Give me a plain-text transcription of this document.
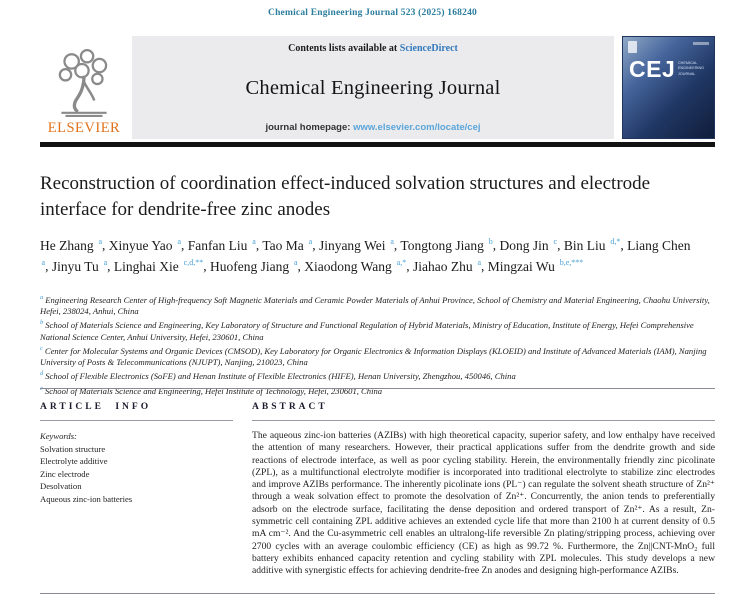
Chemical Engineering Journal 523 (2025) 168240
ELSEVIER
Contents lists available at ScienceDirect
Chemical Engineering Journal
journal homepage: www.elsevier.com/locate/cej
CEJ CHEMICAL
ENGINEERING
JOURNAL
Reconstruction of coordination effect-induced solvation structures and electrode interface for dendrite-free zinc anodes
He Zhang $^a$, Xinyue Yao $^a$, Fanfan Liu $^a$, Tao Ma $^a$, Jinyang Wei $^a$, Tongtong Jiang $^b$, Dong Jin $^c$, Bin Liu $^{d,*}$, Liang Chen $^a$, Jinyu Tu $^a$, Linghai Xie $^{c,d,**}$, Huofeng Jiang $^a$, Xiaodong Wang $^{a,*}$, Jiahao Zhu $^a$, Mingzai Wu $^{b,e,***}$
$^a$ Engineering Research Center of High-frequency Soft Magnetic Materials and Ceramic Powder Materials of Anhui Province, School of Chemistry and Material Engineering, Chaohu University, Hefei, 238024, Anhui, China
$^b$ School of Materials Science and Engineering, Key Laboratory of Structure and Functional Regulation of Hybrid Materials, Ministry of Education, Institute of Energy, Hefei Comprehensive National Science Center, Anhui University, Hefei, 230601, China
$^c$ Center for Molecular Systems and Organic Devices (CMSOD), Key Laboratory for Organic Electronics & Information Displays (KLOEID) and Institute of Advanced Materials (IAM), Nanjing University of Posts & Telecommunications (NJUPT), Nanjing, 210023, China
$^d$ School of Flexible Electronics (SoFE) and Henan Institute of Flexible Electronics (HIFE), Henan University, Zhengzhou, 450046, China
$^e$ School of Materials Science and Engineering, Hefei Institute of Technology, Hefei, 230601, China
ARTICLE INFO
Keywords:
Solvation structure
Electrolyte additive
Zinc electrode
Desolvation
Aqueous zinc-ion batteries
ABSTRACT

The aqueous zinc-ion batteries (AZIBs) with high theoretical capacity, superior safety, and low enthalpy have received the attention of many researchers. However, their practical applications suffer from the dendrite growth and side reactions of electrode interface, as well as poor cycling stability. Herein, the environmentally friendly zinc picolinate (ZPL), as a multifunctional electrolyte modifier is incorporated into traditional electrolyte to stabilize zinc electrodes and improve AZIBs performance. The inherently picolinate ions (PL⁻) can regulate the solvent sheath structure of Zn²⁺ through a weak solvation effect to promote the desolvation of Zn²⁺. Concurrently, the anion tends to preferentially adsorb on the electrode surface, facilitating the dense deposition and ordered transport of Zn²⁺. As a result, Zn-symmetric cell containing ZPL additive achieves an extended cycle life that more than 2100 h at current density of 0.5 mA cm⁻². And the Cu-asymmetric cell enables an ultralong-life reversible Zn plating/stripping process, achieving over 2700 cycles with an average coulombic efficiency (CE) as high as 99.72 %. Furthermore, the Zn||CNT-MnO₂ full battery exhibits enhanced capacity retention and cycling stability with ZPL molecules. This study develops a new additive with synergistic effects for achieving dendrite-free Zn anodes and designing high-performance AZIBs.
